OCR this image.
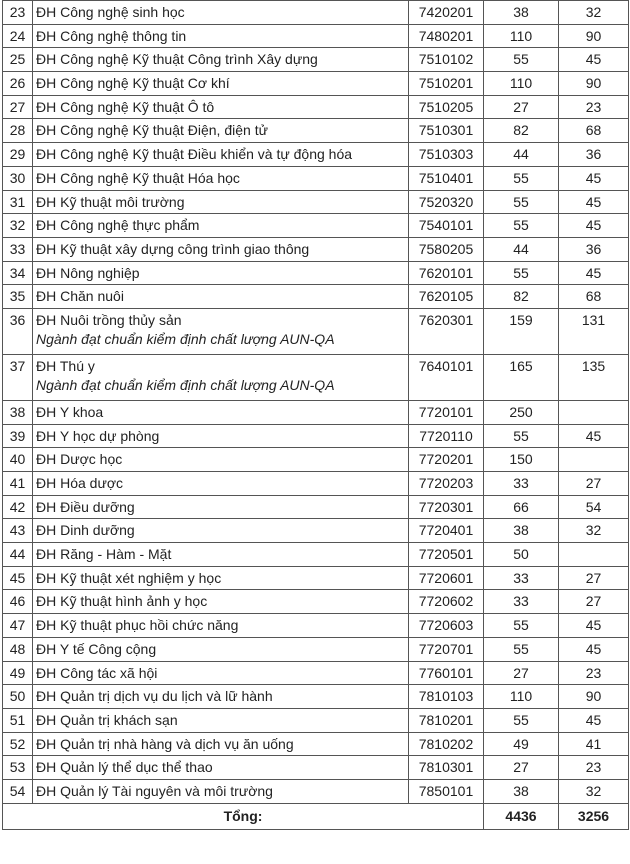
23	ĐH Công nghệ sinh học	7420201	38	32
24	ĐH Công nghệ thông tin	7480201	110	90
25	ĐH Công nghệ Kỹ thuật Công trình Xây dựng	7510102	55	45
26	ĐH Công nghệ Kỹ thuật Cơ khí	7510201	110	90
27	ĐH Công nghệ Kỹ thuật Ô tô	7510205	27	23
28	ĐH Công nghệ Kỹ thuật Điện, điện tử	7510301	82	68
29	ĐH Công nghệ Kỹ thuật Điều khiển và tự động hóa	7510303	44	36
30	ĐH Công nghệ Kỹ thuật Hóa học	7510401	55	45
31	ĐH Kỹ thuật môi trường	7520320	55	45
32	ĐH Công nghệ thực phẩm	7540101	55	45
33	ĐH Kỹ thuật xây dựng công trình giao thông	7580205	44	36
34	ĐH Nông nghiệp	7620101	55	45
35	ĐH Chăn nuôi	7620105	82	68
36	ĐH Nuôi trồng thủy sản
Ngành đạt chuẩn kiểm định chất lượng AUN-QA	7620301	159	131
37	ĐH Thú y
Ngành đạt chuẩn kiểm định chất lượng AUN-QA	7640101	165	135
38	ĐH Y khoa	7720101	250	
39	ĐH Y học dự phòng	7720110	55	45
40	ĐH Dược học	7720201	150	
41	ĐH Hóa dược	7720203	33	27
42	ĐH Điều dưỡng	7720301	66	54
43	ĐH Dinh dưỡng	7720401	38	32
44	ĐH Răng - Hàm - Mặt	7720501	50	
45	ĐH Kỹ thuật xét nghiệm y học	7720601	33	27
46	ĐH Kỹ thuật hình ảnh y học	7720602	33	27
47	ĐH Kỹ thuật phục hồi chức năng	7720603	55	45
48	ĐH Y tế Công cộng	7720701	55	45
49	ĐH Công tác xã hội	7760101	27	23
50	ĐH Quản trị dịch vụ du lịch và lữ hành	7810103	110	90
51	ĐH Quản trị khách sạn	7810201	55	45
52	ĐH Quản trị nhà hàng và dịch vụ ăn uống	7810202	49	41
53	ĐH Quản lý thể dục thể thao	7810301	27	23
54	ĐH Quản lý Tài nguyên và môi trường	7850101	38	32
Tổng:			4436	3256
